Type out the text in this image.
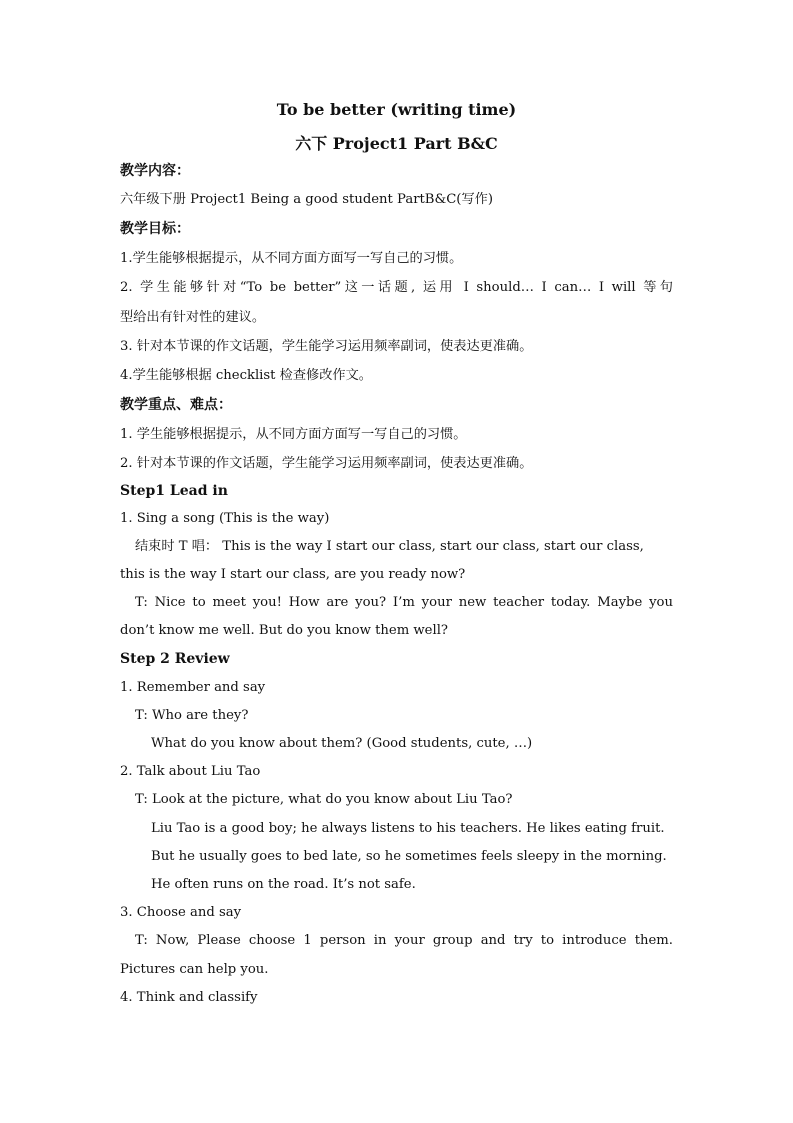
To be better (writing time)
六下 Project1 Part B&C
教学内容：
六年级下册 Project1 Being a good student PartB&C(写作)
教学目标：
1.学生能够根据提示，从不同方面方面写一写自己的习惯。
2. 学生能够针对“To be better”这一话题, 运用 I should… I can… I will 等句
型给出有针对性的建议。
3. 针对本节课的作文话题，学生能学习运用频率副词，使表达更准确。
4.学生能够根据 checklist 检查修改作文。
教学重点、难点：
1. 学生能够根据提示，从不同方面方面写一写自己的习惯。
2. 针对本节课的作文话题，学生能学习运用频率副词，使表达更准确。
Step1 Lead in
1. Sing a song (This is the way)
结束时 T 唱： This is the way I start our class, start our class, start our class,
this is the way I start our class, are you ready now?
T: Nice to meet you! How are you? I’m your new teacher today. Maybe you
don’t know me well. But do you know them well?
Step 2 Review
1. Remember and say
T: Who are they?
What do you know about them? (Good students, cute, …)
2. Talk about Liu Tao
T: Look at the picture, what do you know about Liu Tao?
Liu Tao is a good boy; he always listens to his teachers. He likes eating fruit.
But he usually goes to bed late, so he sometimes feels sleepy in the morning.
He often runs on the road. It’s not safe.
3. Choose and say
T: Now, Please choose 1 person in your group and try to introduce them.
Pictures can help you.
4. Think and classify
